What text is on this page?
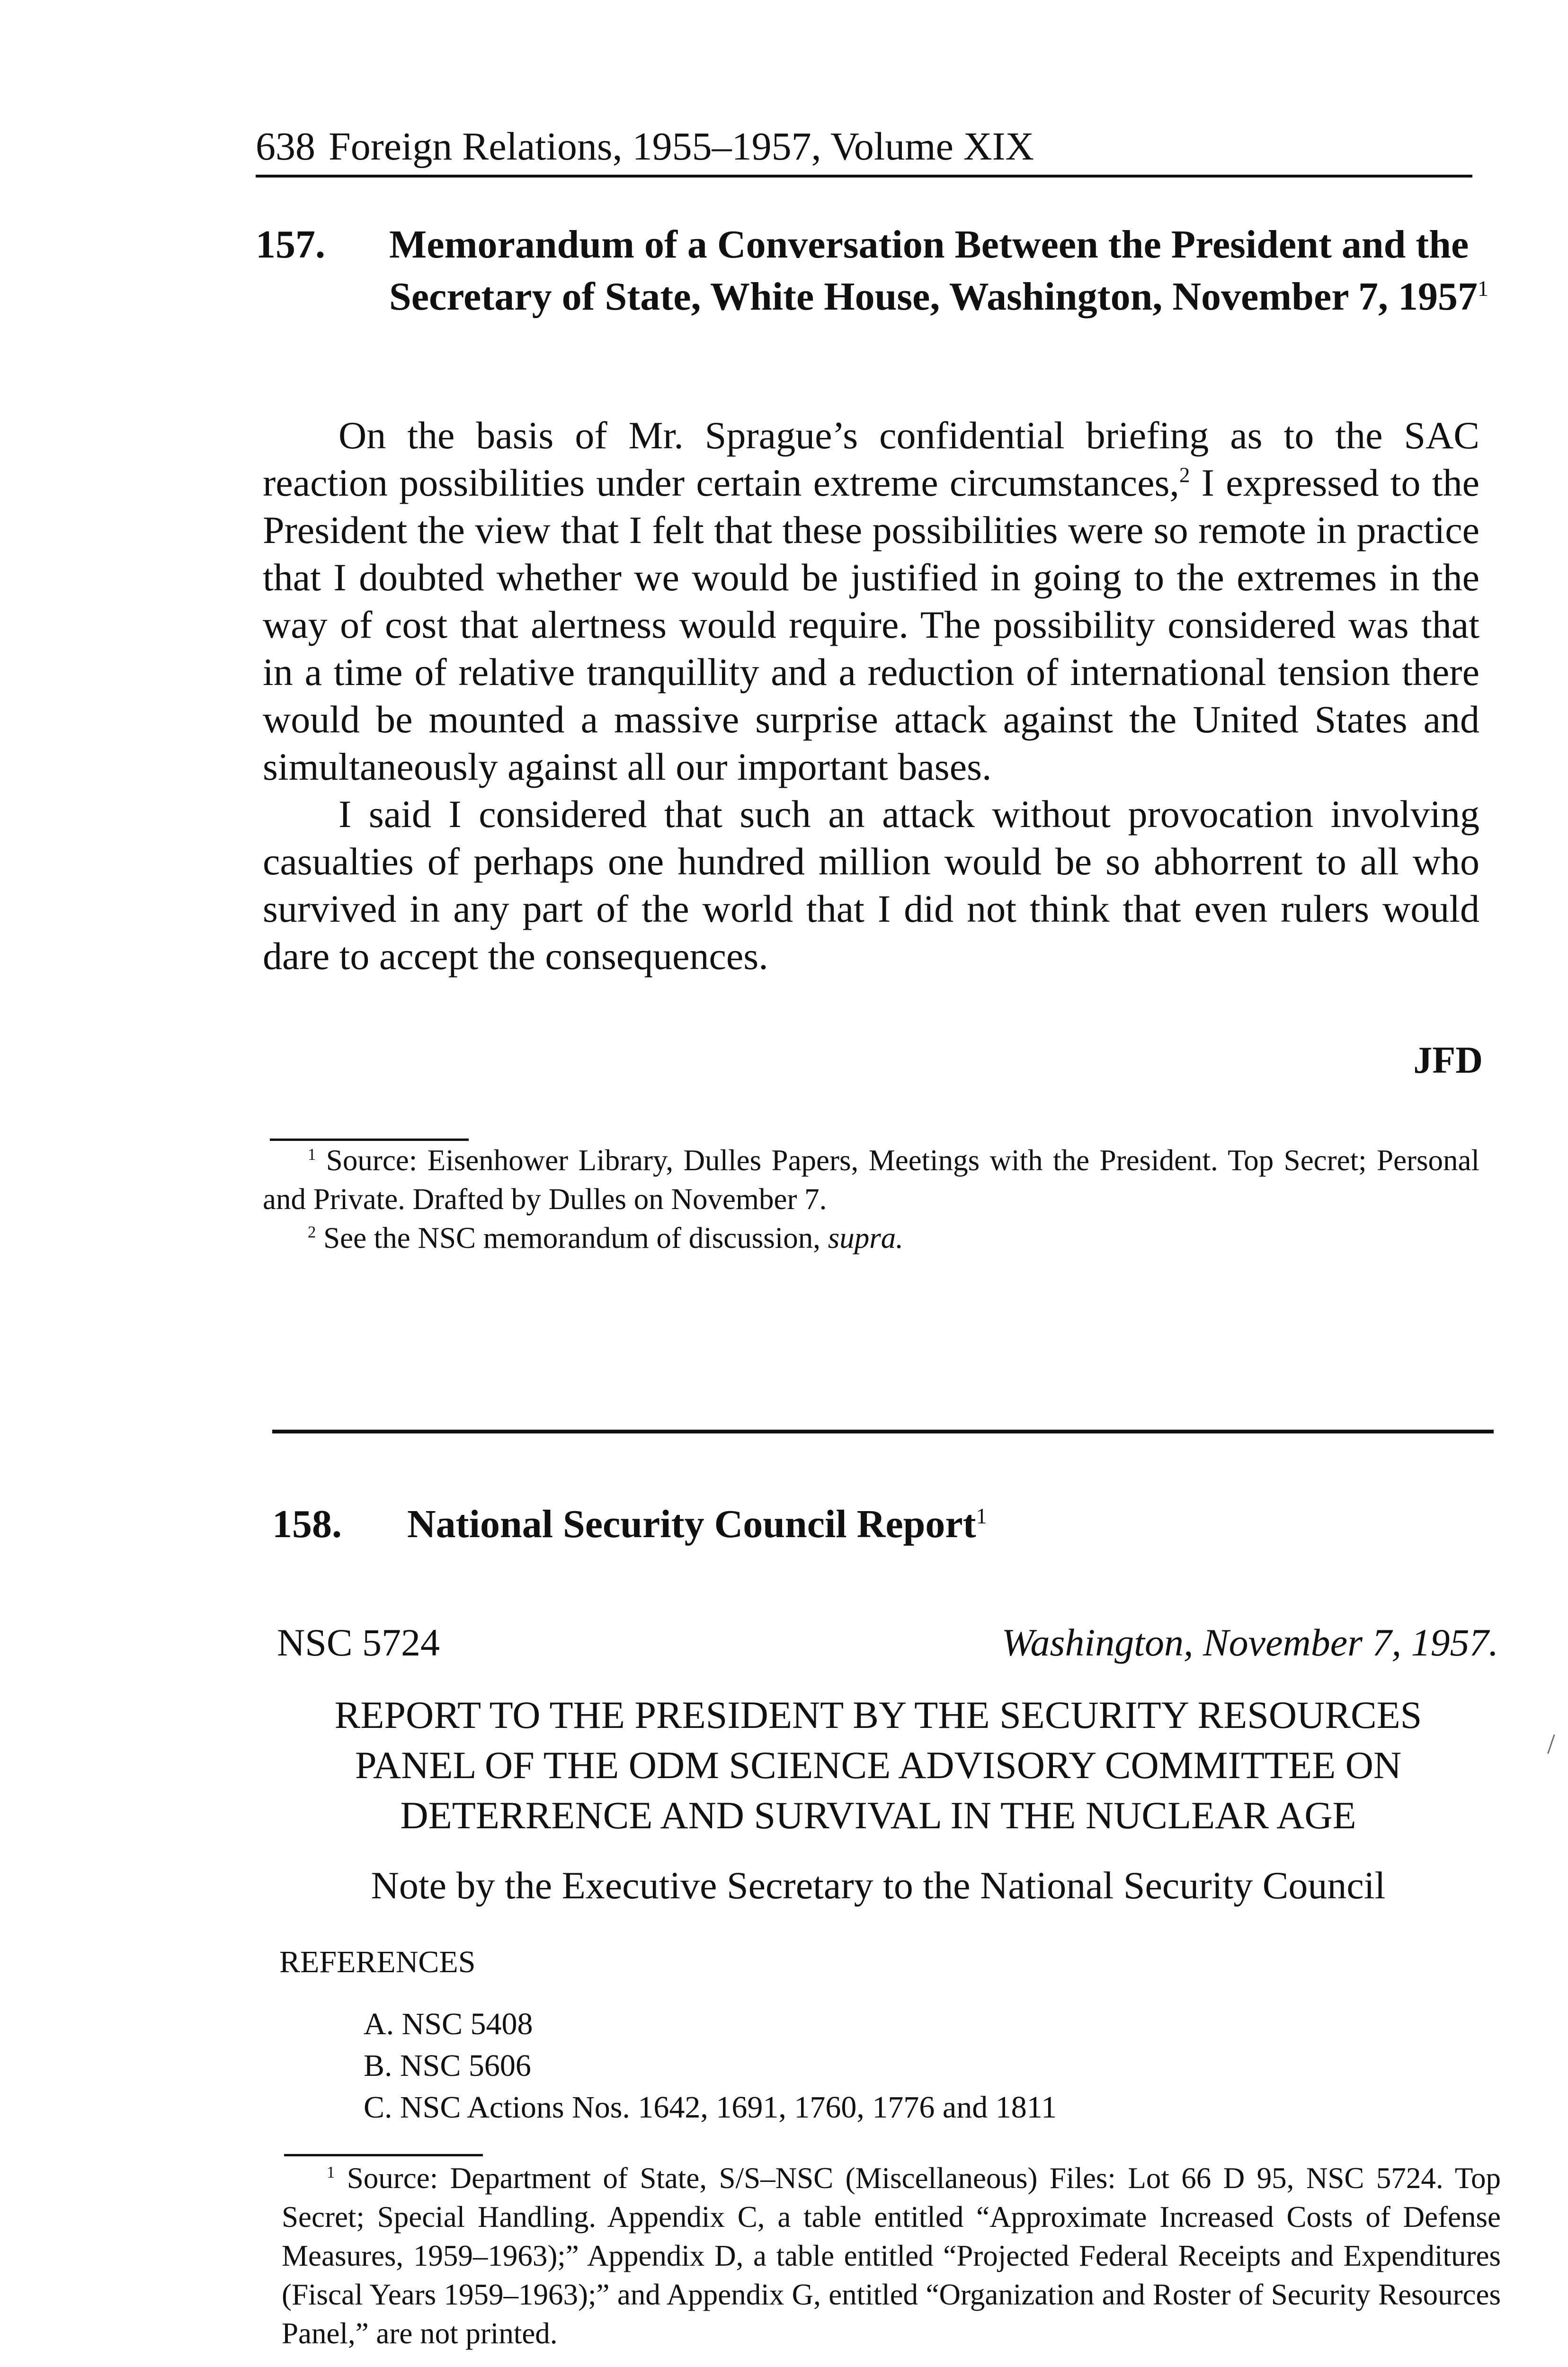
638 Foreign Relations, 1955–1957, Volume XIX
157. Memorandum of a Conversation Between the President and the Secretary of State, White House, Washington, November 7, 1957$^1$

On the basis of Mr. Sprague’s confidential briefing as to the SAC reaction possibilities under certain extreme circumstances,$^2$ I expressed to the President the view that I felt that these possibilities were so remote in practice that I doubted whether we would be justified in going to the extremes in the way of cost that alertness would require. The possibility considered was that in a time of relative tranquillity and a reduction of international tension there would be mounted a massive surprise attack against the United States and simultaneously against all our important bases.

I said I considered that such an attack without provocation involving casualties of perhaps one hundred million would be so abhorrent to all who survived in any part of the world that I did not think that even rulers would dare to accept the consequences.

JFD

$^1$ Source: Eisenhower Library, Dulles Papers, Meetings with the President. Top Secret; Personal and Private. Drafted by Dulles on November 7.

$^2$ See the NSC memorandum of discussion, supra.

158. National Security Council Report$^1$
NSC 5724	Washington, November 7, 1957.
REPORT TO THE PRESIDENT BY THE SECURITY RESOURCES
PANEL OF THE ODM SCIENCE ADVISORY COMMITTEE ON
DETERRENCE AND SURVIVAL IN THE NUCLEAR AGE
Note by the Executive Secretary to the National Security Council
REFERENCES
A. NSC 5408
B. NSC 5606
C. NSC Actions Nos. 1642, 1691, 1760, 1776 and 1811

$^1$ Source: Department of State, S/S–NSC (Miscellaneous) Files: Lot 66 D 95, NSC 5724. Top Secret; Special Handling. Appendix C, a table entitled “Approximate Increased Costs of Defense Measures, 1959–1963);” Appendix D, a table entitled “Projected Federal Receipts and Expenditures (Fiscal Years 1959–1963);” and Appendix G, entitled “Organization and Roster of Security Resources Panel,” are not printed.

/
